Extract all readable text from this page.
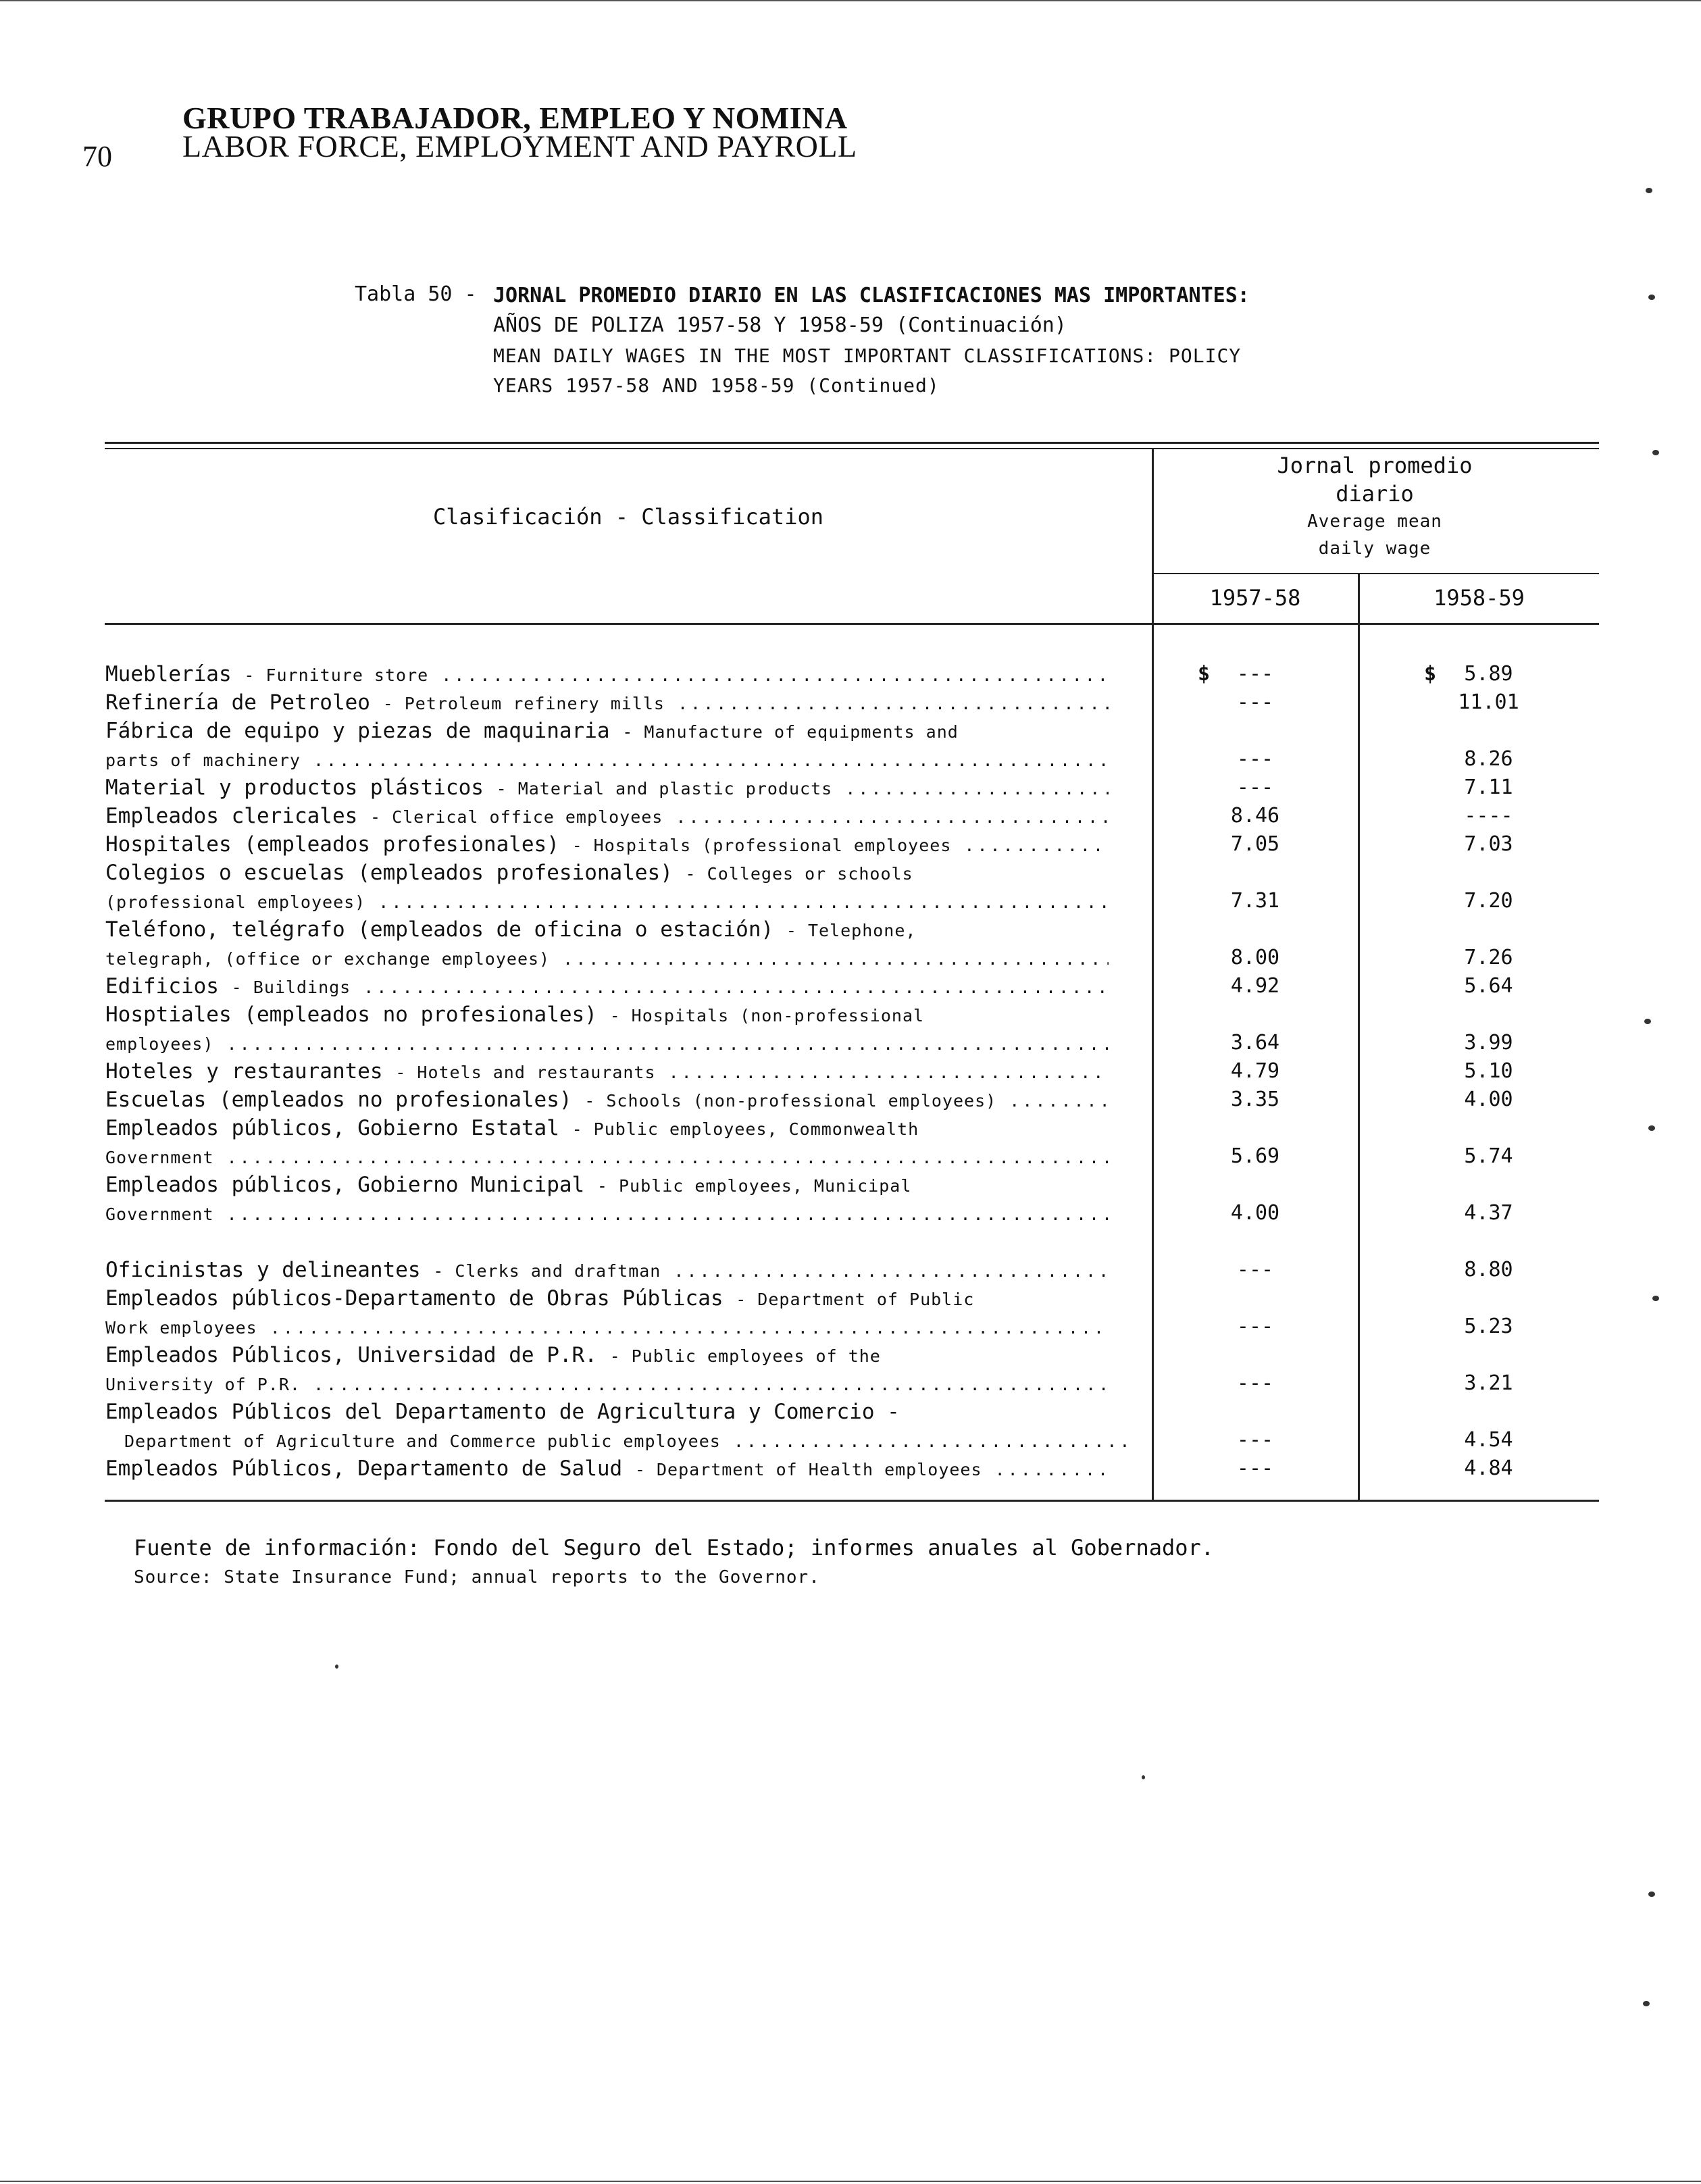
70
GRUPO TRABAJADOR, EMPLEO Y NOMINA
LABOR FORCE, EMPLOYMENT AND PAYROLL
Tabla 50 - JORNAL PROMEDIO DIARIO EN LAS CLASIFICACIONES MAS IMPORTANTES:
AÑOS DE POLIZA 1957-58 Y 1958-59 (Continuación)
MEAN DAILY WAGES IN THE MOST IMPORTANT CLASSIFICATIONS: POLICY
YEARS 1957-58 AND 1958-59 (Continued)
Clasificación - Classification
Jornal promedio
diario
Average mean
daily wage
1957-58	1958-59
Mueblerías - Furniture store .....	$	---	$	5.89
Refinería de Petroleo - Petroleum refinery mills .....	---	11.01
Fábrica de equipo y piezas de maquinaria - Manufacture of equipments and
parts of machinery .....	---	8.26
Material y productos plásticos - Material and plastic products .....	---	7.11
Empleados clericales - Clerical office employees .....	8.46	----
Hospitales (empleados profesionales) - Hospitals (professional employees .....	7.05	7.03
Colegios o escuelas (empleados profesionales) - Colleges or schools
(professional employees) .....	7.31	7.20
Teléfono, telégrafo (empleados de oficina o estación) - Telephone,
telegraph, (office or exchange employees) .....	8.00	7.26
Edificios - Buildings .....	4.92	5.64
Hosptiales (empleados no profesionales) - Hospitals (non-professional
employees) .....	3.64	3.99
Hoteles y restaurantes - Hotels and restaurants .....	4.79	5.10
Escuelas (empleados no profesionales) - Schools (non-professional employees) .....	3.35	4.00
Empleados públicos, Gobierno Estatal - Public employees, Commonwealth
Government .....	5.69	5.74
Empleados públicos, Gobierno Municipal - Public employees, Municipal
Government .....	4.00	4.37
Oficinistas y delineantes - Clerks and draftman .....	---	8.80
Empleados públicos-Departamento de Obras Públicas - Department of Public
Work employees .....	---	5.23
Empleados Públicos, Universidad de P.R. - Public employees of the
University of P.R. .....	---	3.21
Empleados Públicos del Departamento de Agricultura y Comercio -
Department of Agriculture and Commerce public employees .....	---	4.54
Empleados Públicos, Departamento de Salud - Department of Health employees .....	---	4.84
Fuente de información: Fondo del Seguro del Estado; informes anuales al Gobernador.
Source: State Insurance Fund; annual reports to the Governor.
